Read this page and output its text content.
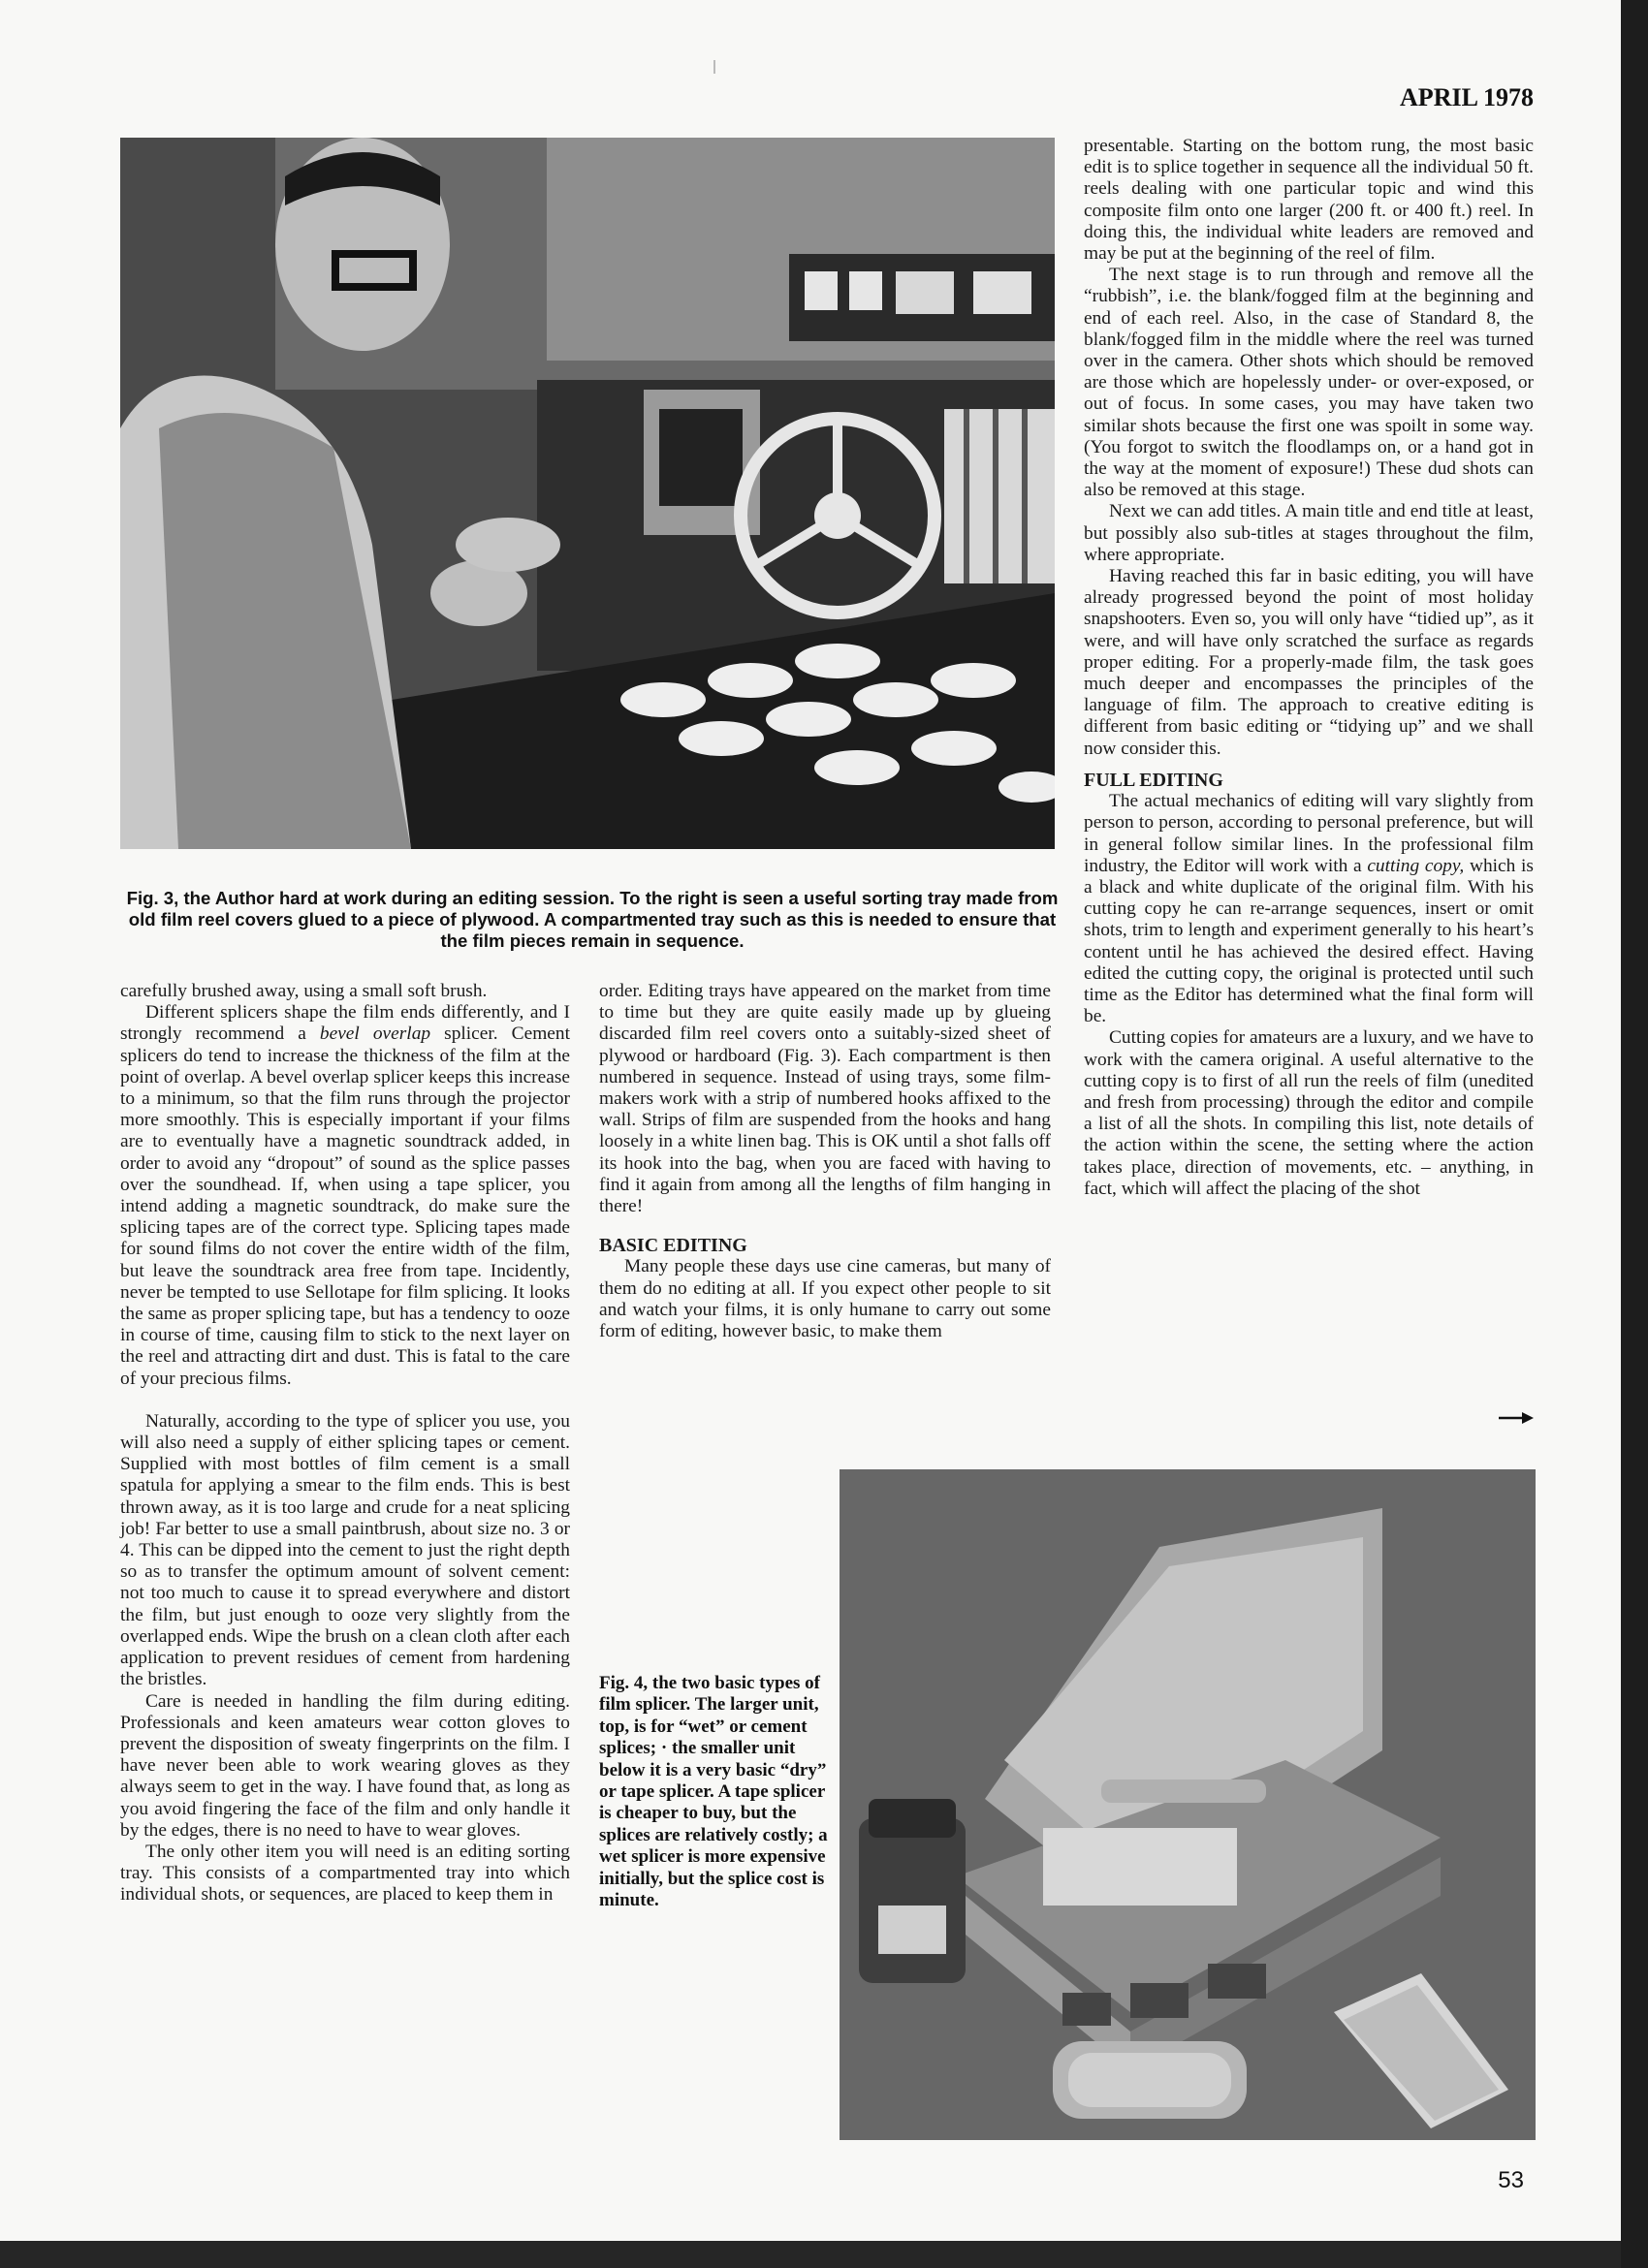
APRIL 1978
Fig. 3, the Author hard at work during an editing session. To the right is seen a useful sorting tray made from old film reel covers glued to a piece of plywood. A compartmented tray such as this is needed to ensure that the film pieces remain in sequence.

carefully brushed away, using a small soft brush.

Different splicers shape the film ends differently, and I strongly recommend a bevel overlap splicer. Cement splicers do tend to increase the thickness of the film at the point of overlap. A bevel overlap splicer keeps this increase to a minimum, so that the film runs through the projector more smoothly. This is especially important if your films are to eventually have a magnetic soundtrack added, in order to avoid any “dropout” of sound as the splice passes over the soundhead. If, when using a tape splicer, you intend adding a magnetic soundtrack, do make sure the splicing tapes are of the correct type. Splicing tapes made for sound films do not cover the entire width of the film, but leave the soundtrack area free from tape. Incidently, never be tempted to use Sellotape for film splicing. It looks the same as proper splicing tape, but has a tendency to ooze in course of time, causing film to stick to the next layer on the reel and attracting dirt and dust. This is fatal to the care of your precious films.

Naturally, according to the type of splicer you use, you will also need a supply of either splicing tapes or cement. Supplied with most bottles of film cement is a small spatula for applying a smear to the film ends. This is best thrown away, as it is too large and crude for a neat splicing job! Far better to use a small paintbrush, about size no. 3 or 4. This can be dipped into the cement to just the right depth so as to transfer the optimum amount of solvent cement: not too much to cause it to spread everywhere and distort the film, but just enough to ooze very slightly from the overlapped ends. Wipe the brush on a clean cloth after each application to prevent residues of cement from hardening the bristles.

Care is needed in handling the film during editing. Professionals and keen amateurs wear cotton gloves to prevent the disposition of sweaty fingerprints on the film. I have never been able to work wearing gloves as they always seem to get in the way. I have found that, as long as you avoid fingering the face of the film and only handle it by the edges, there is no need to have to wear gloves.

The only other item you will need is an editing sorting tray. This consists of a compartmented tray into which individual shots, or sequences, are placed to keep them in

order. Editing trays have appeared on the market from time to time but they are quite easily made up by glueing discarded film reel covers onto a suitably-sized sheet of plywood or hardboard (Fig. 3). Each compartment is then numbered in sequence. Instead of using trays, some film-makers work with a strip of numbered hooks affixed to the wall. Strips of film are suspended from the hooks and hang loosely in a white linen bag. This is OK until a shot falls off its hook into the bag, when you are faced with having to find it again from among all the lengths of film hanging in there!

BASIC EDITING

Many people these days use cine cameras, but many of them do no editing at all. If you expect other people to sit and watch your films, it is only humane to carry out some form of editing, however basic, to make them

presentable. Starting on the bottom rung, the most basic edit is to splice together in sequence all the individual 50 ft. reels dealing with one particular topic and wind this composite film onto one larger (200 ft. or 400 ft.) reel. In doing this, the individual white leaders are removed and may be put at the beginning of the reel of film.

The next stage is to run through and remove all the “rubbish”, i.e. the blank/fogged film at the beginning and end of each reel. Also, in the case of Standard 8, the blank/fogged film in the middle where the reel was turned over in the camera. Other shots which should be removed are those which are hopelessly under- or over-exposed, or out of focus. In some cases, you may have taken two similar shots because the first one was spoilt in some way. (You forgot to switch the floodlamps on, or a hand got in the way at the moment of exposure!) These dud shots can also be removed at this stage.

Next we can add titles. A main title and end title at least, but possibly also sub-titles at stages throughout the film, where appropriate.

Having reached this far in basic editing, you will have already progressed beyond the point of most holiday snapshooters. Even so, you will only have “tidied up”, as it were, and will have only scratched the surface as regards proper editing. For a properly-made film, the task goes much deeper and encompasses the principles of the language of film. The approach to creative editing is different from basic editing or “tidying up” and we shall now consider this.

FULL EDITING

The actual mechanics of editing will vary slightly from person to person, according to personal preference, but will in general follow similar lines. In the professional film industry, the Editor will work with a cutting copy, which is a black and white duplicate of the original film. With his cutting copy he can re-arrange sequences, insert or omit shots, trim to length and experiment generally to his heart’s content until he has achieved the desired effect. Having edited the cutting copy, the original is protected until such time as the Editor has determined what the final form will be.

Cutting copies for amateurs are a luxury, and we have to work with the camera original. A useful alternative to the cutting copy is to first of all run the reels of film (unedited and fresh from processing) through the editor and compile a list of all the shots. In compiling this list, note details of the action within the scene, the setting where the action takes place, direction of movements, etc. – anything, in fact, which will affect the placing of the shot

Fig. 4, the two basic types of film splicer. The larger unit, top, is for “wet” or cement splices; · the smaller unit below it is a very basic “dry” or tape splicer. A tape splicer is cheaper to buy, but the splices are relatively costly; a wet splicer is more expensive initially, but the splice cost is minute.
53
